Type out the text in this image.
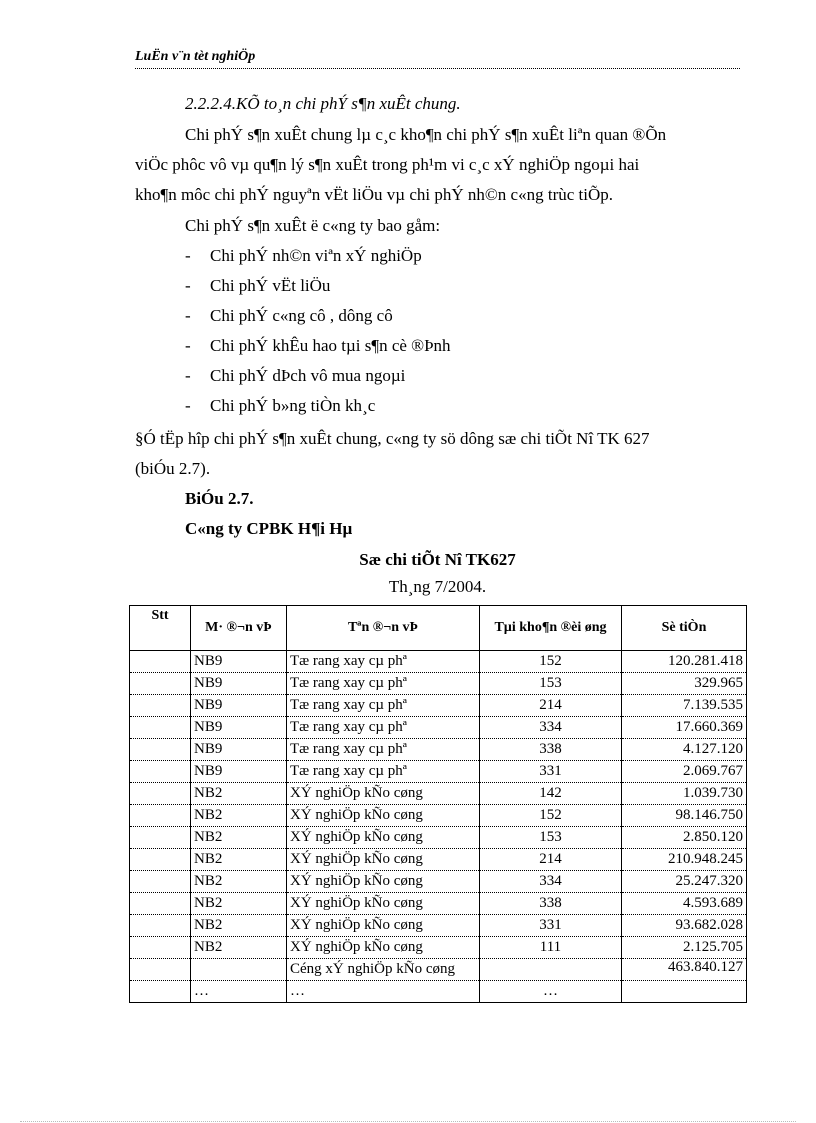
LuËn v¨n tèt nghiÖp
2.2.2.4.KÕ to¸n chi phÝ s¶n xuÊt chung.
Chi phÝ s¶n xuÊt chung lµ c¸c kho¶n chi phÝ s¶n xuÊt liªn quan ®Õn
viÖc phôc vô vµ qu¶n lý s¶n xuÊt trong ph¹m vi c¸c xÝ nghiÖp ngoµi hai
kho¶n môc chi phÝ nguyªn vËt liÖu vµ chi phÝ nh©n c«ng trùc tiÕp.
Chi phÝ s¶n xuÊt ë c«ng ty bao gåm:
- Chi phÝ nh©n viªn xÝ nghiÖp
- Chi phÝ vËt liÖu
- Chi phÝ c«ng cô , dông cô
- Chi phÝ khÊu hao tµi s¶n cè ®Þnh
- Chi phÝ dÞch vô mua ngoµi
- Chi phÝ b»ng tiÒn kh¸c
§Ó tËp hîp chi phÝ s¶n xuÊt chung, c«ng ty sö dông sæ chi tiÕt Nî TK 627
(biÓu 2.7).
BiÓu 2.7.
C«ng ty CPBK H¶i Hµ
Sæ chi tiÕt Nî TK627
Th¸ng 7/2004.
Stt	M· ®¬n vÞ	Tªn ®¬n vÞ	Tµi kho¶n ®èi øng	Sè tiÒn
	NB9	Tæ rang xay cµ phª	152	120.281.418
	NB9	Tæ rang xay cµ phª	153	329.965
	NB9	Tæ rang xay cµ phª	214	7.139.535
	NB9	Tæ rang xay cµ phª	334	17.660.369
	NB9	Tæ rang xay cµ phª	338	4.127.120
	NB9	Tæ rang xay cµ phª	331	2.069.767
	NB2	XÝ nghiÖp kÑo cøng	142	1.039.730
	NB2	XÝ nghiÖp kÑo cøng	152	98.146.750
	NB2	XÝ nghiÖp kÑo cøng	153	2.850.120
	NB2	XÝ nghiÖp kÑo cøng	214	210.948.245
	NB2	XÝ nghiÖp kÑo cøng	334	25.247.320
	NB2	XÝ nghiÖp kÑo cøng	338	4.593.689
	NB2	XÝ nghiÖp kÑo cøng	331	93.682.028
	NB2	XÝ nghiÖp kÑo cøng	111	2.125.705
		Céng xÝ nghiÖp kÑo cøng		463.840.127
	…	…	…	
